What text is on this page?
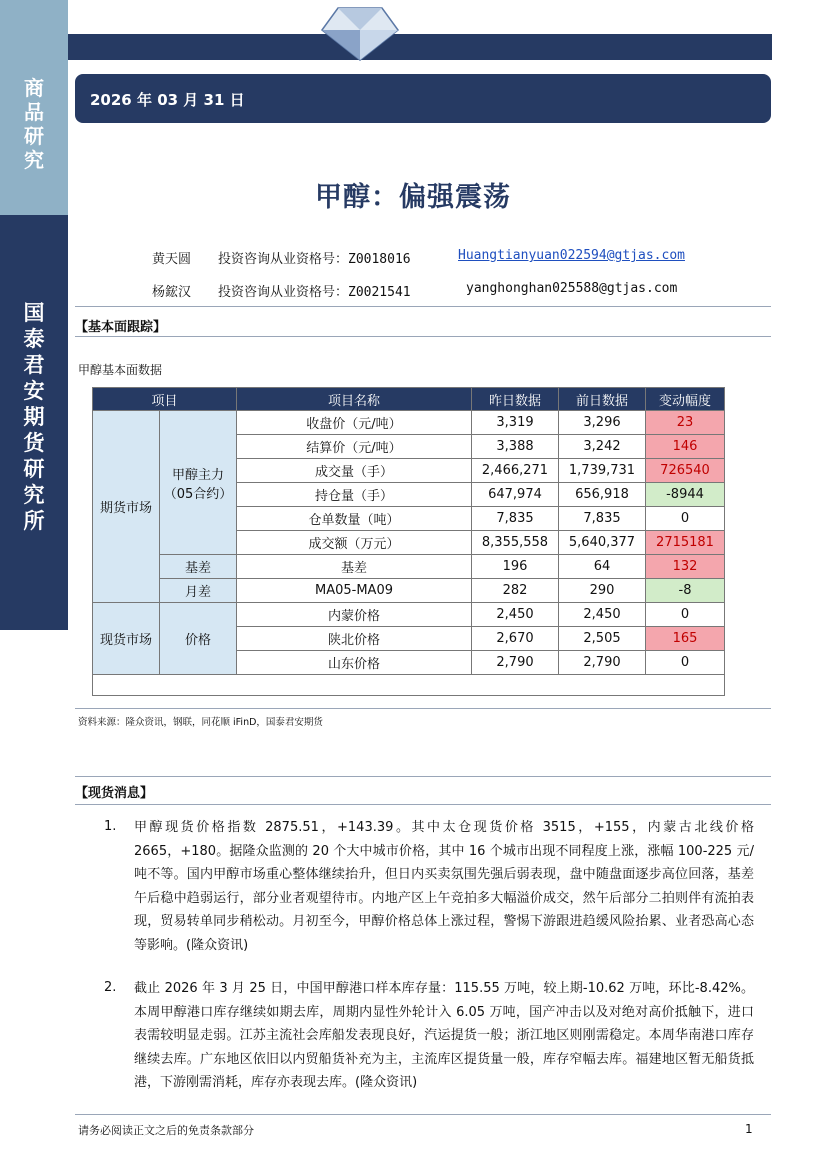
商
品
研
究
国
泰
君
安
期
货
研
究
所
2026 年 03 月 31 日
甲醇：偏强震荡
黄天圆 投资咨询从业资格号：Z0018016	Huangtianyuan022594@gtjas.com
杨鋐汉 投资咨询从业资格号：Z0021541	yanghonghan025588@gtjas.com
【基本面跟踪】
甲醇基本面数据
项目		项目名称	昨日数据	前日数据	变动幅度
期货市场	甲醇主力（05合约）	收盘价（元/吨）	3,319	3,296	23
		结算价（元/吨）	3,388	3,242	146
		成交量（手）	2,466,271	1,739,731	726540
		持仓量（手）	647,974	656,918	-8944
		仓单数量（吨）	7,835	7,835	0
		成交额（万元）	8,355,558	5,640,377	2715181
	基差	基差	196	64	132
	月差	MA05-MA09	282	290	-8
现货市场	价格	内蒙价格	2,450	2,450	0
		陕北价格	2,670	2,505	165
		山东价格	2,790	2,790	0

资料来源：隆众资讯，钢联，同花顺 iFinD，国泰君安期货
【现货消息】
1. 甲醇现货价格指数 2875.51，+143.39。其中太仓现货价格 3515，+155，内蒙古北线价格 2665，+180。据隆众监测的 20 个大中城市价格，其中 16 个城市出现不同程度上涨，涨幅 100-225 元/吨不等。国内甲醇市场重心整体继续抬升，但日内买卖氛围先强后弱表现，盘中随盘面逐步高位回落，基差午后稳中趋弱运行，部分业者观望待市。内地产区上午竞拍多大幅溢价成交，然午后部分二拍则伴有流拍表现，贸易转单同步稍松动。月初至今，甲醇价格总体上涨过程，警惕下游跟进趋缓风险抬累、业者恐高心态等影响。(隆众资讯)
2. 截止 2026 年 3 月 25 日，中国甲醇港口样本库存量：115.55 万吨，较上期-10.62 万吨，环比-8.42%。本周甲醇港口库存继续如期去库，周期内显性外轮计入 6.05 万吨，国产冲击以及对绝对高价抵触下，进口表需较明显走弱。江苏主流社会库船发表现良好，汽运提货一般；浙江地区则刚需稳定。本周华南港口库存继续去库。广东地区依旧以内贸船货补充为主，主流库区提货量一般，库存窄幅去库。福建地区暂无船货抵港，下游刚需消耗，库存亦表现去库。(隆众资讯)
请务必阅读正文之后的免责条款部分	1
